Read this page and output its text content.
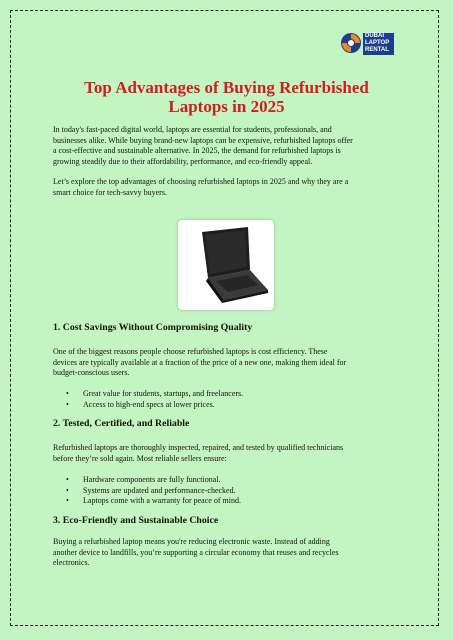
DUBAI
LAPTOP
RENTAL
Top Advantages of Buying Refurbished
Laptops in 2025

In today's fast-paced digital world, laptops are essential for students, professionals, and
businesses alike. While buying brand-new laptops can be expensive, refurbished laptops offer
a cost-effective and sustainable alternative. In 2025, the demand for refurbished laptops is
growing steadily due to their affordability, performance, and eco-friendly appeal.

Let’s explore the top advantages of choosing refurbished laptops in 2025 and why they are a
smart choice for tech-savvy buyers.

1. Cost Savings Without Compromising Quality

One of the biggest reasons people choose refurbished laptops is cost efficiency. These
devices are typically available at a fraction of the price of a new one, making them ideal for
budget-conscious users.

• Great value for students, startups, and freelancers.
• Access to high-end specs at lower prices.
2. Tested, Certified, and Reliable

Refurbished laptops are thoroughly inspected, repaired, and tested by qualified technicians
before they’re sold again. Most reliable sellers ensure:

• Hardware components are fully functional.
• Systems are updated and performance-checked.
• Laptops come with a warranty for peace of mind.
3. Eco-Friendly and Sustainable Choice

Buying a refurbished laptop means you're reducing electronic waste. Instead of adding
another device to landfills, you’re supporting a circular economy that reuses and recycles
electronics.
